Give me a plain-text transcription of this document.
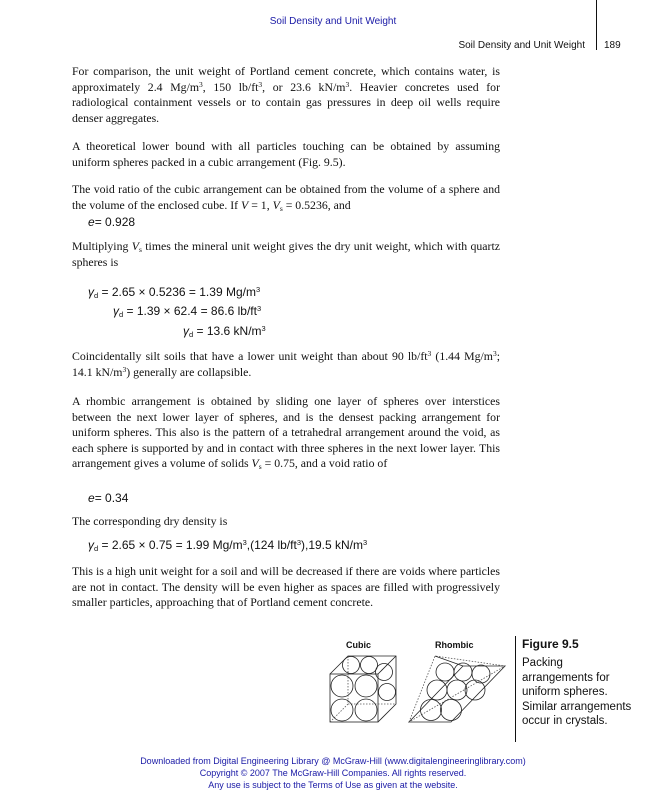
Soil Density and Unit Weight
Soil Density and Unit Weight 189

For comparison, the unit weight of Portland cement concrete, which contains water, is approximately 2.4 $Mg/m^3$, 150 $lb/ft^3$, or 23.6 $kN/m^3$. Heavier concretes used for radiological containment vessels or to contain gas pressures in deep oil wells require denser aggregates.

A theoretical lower bound with all particles touching can be obtained by assuming uniform spheres packed in a cubic arrangement (Fig. 9.5).

The void ratio of the cubic arrangement can be obtained from the volume of a sphere and the volume of the enclosed cube. If V = 1, $V_s = 0.5236$, and

e= 0.928

Multiplying $V_s$ times the mineral unit weight gives the dry unit weight, which with quartz spheres is

$\gamma_d = 2.65 \times 0.5236 = 1.39$ $Mg/m^3$
$\gamma_d = 1.39 \times 62.4 = 86.6$ $lb/ft^3$
$\gamma_d = 13.6$ $kN/m^3$

Coincidentally silt soils that have a lower unit weight than about 90 $lb/ft^3$ (1.44 $Mg/m^3$; 14.1 $kN/m^3$) generally are collapsible.

A rhombic arrangement is obtained by sliding one layer of spheres over interstices between the next lower layer of spheres, and is the densest packing arrangement for uniform spheres. This also is the pattern of a tetrahedral arrangement around the void, as each sphere is supported by and in contact with three spheres in the next lower layer. This arrangement gives a volume of solids $V_s = 0.75$, and a void ratio of

e= 0.34

The corresponding dry density is

$\gamma_d = 2.65 \times 0.75 = 1.99$ $Mg/m^3,(124$ $lb/ft^3),19.5$ $kN/m^3$

This is a high unit weight for a soil and will be decreased if there are voids where particles are not in contact. The density will be even higher as spaces are filled with progressively smaller particles, approaching that of Portland cement concrete.

Cubic	Rhombic	Figure 9.5
Packing arrangements for uniform spheres. Similar arrangements occur in crystals.
Downloaded from Digital Engineering Library @ McGraw-Hill (www.digitalengineeringlibrary.com)
Copyright © 2007 The McGraw-Hill Companies. All rights reserved.
Any use is subject to the Terms of Use as given at the website.
